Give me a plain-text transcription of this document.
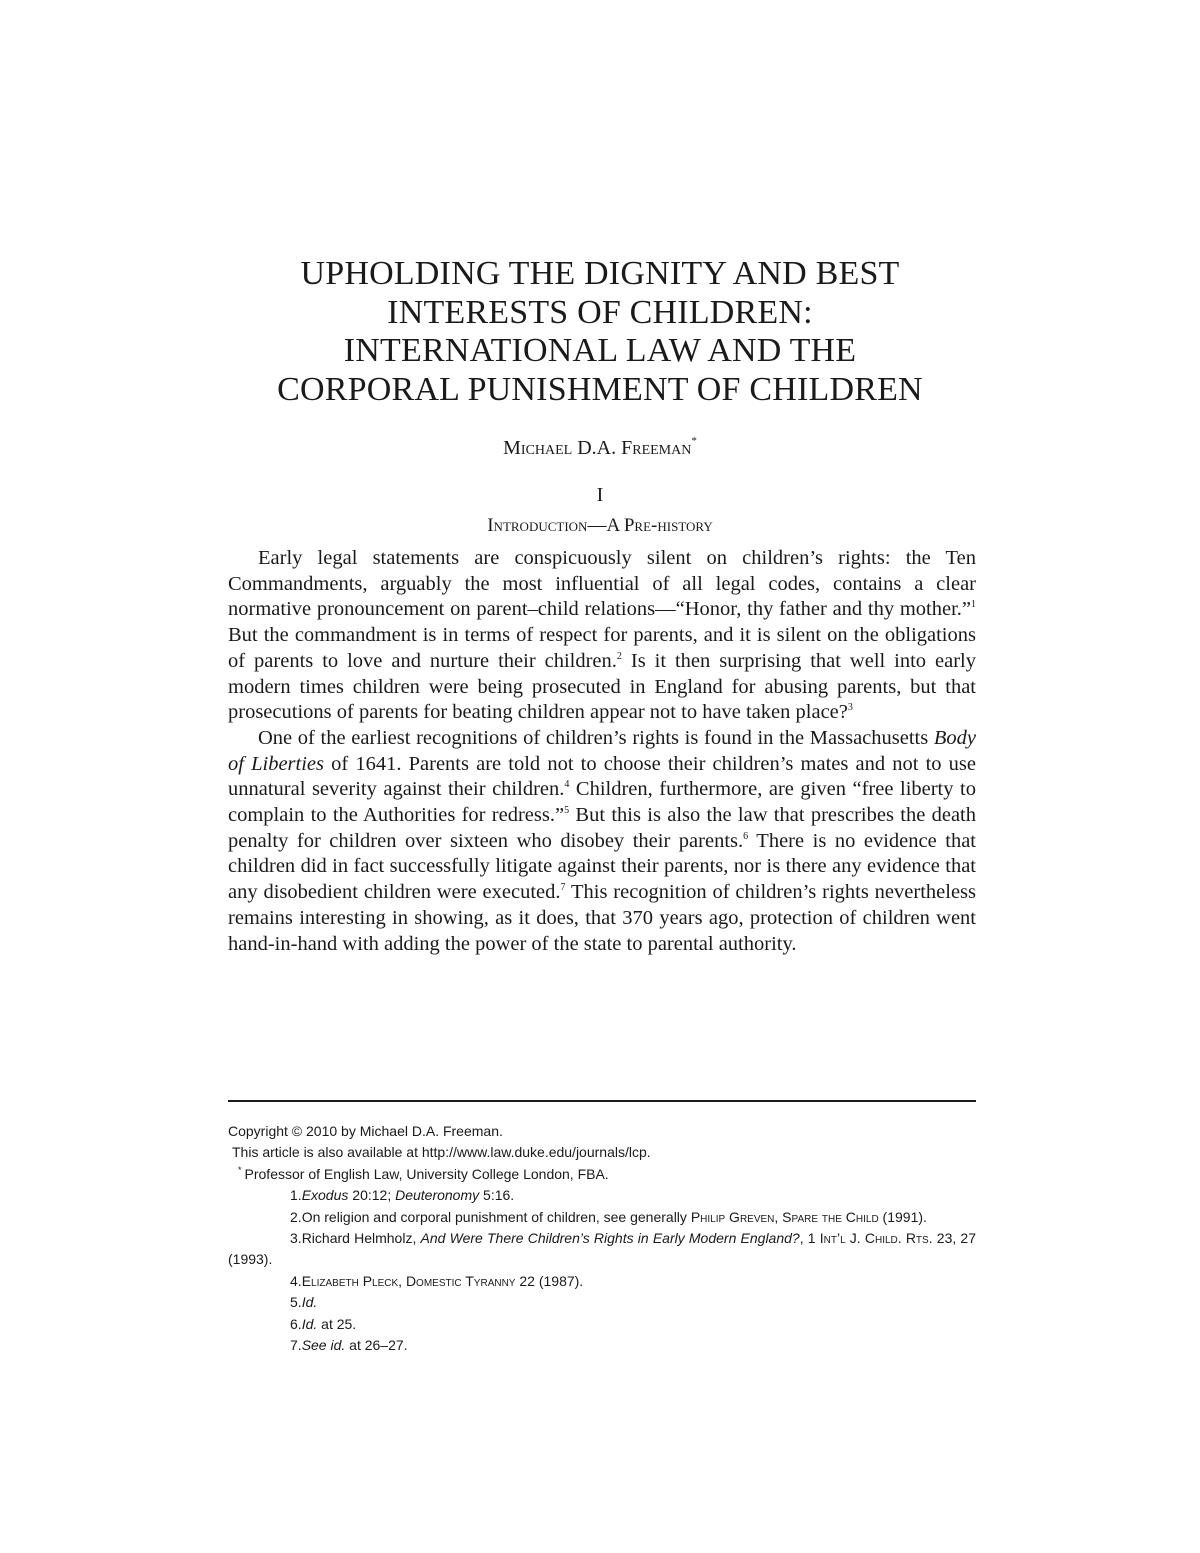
UPHOLDING THE DIGNITY AND BEST
INTERESTS OF CHILDREN:
INTERNATIONAL LAW AND THE
CORPORAL PUNISHMENT OF CHILDREN
Michael D.A. Freeman*
I
Introduction—A Pre-history

Early legal statements are conspicuously silent on children’s rights: the Ten Commandments, arguably the most influential of all legal codes, contains a clear normative pronouncement on parent–child relations—“Honor, thy father and thy mother.”$^1$ But the commandment is in terms of respect for parents, and it is silent on the obligations of parents to love and nurture their children.$^2$ Is it then surprising that well into early modern times children were being prosecuted in England for abusing parents, but that prosecutions of parents for beating children appear not to have taken place?$^3$

One of the earliest recognitions of children’s rights is found in the Massachusetts Body of Liberties of 1641. Parents are told not to choose their children’s mates and not to use unnatural severity against their children.$^4$ Children, furthermore, are given “free liberty to complain to the Authorities for redress.”$^5$ But this is also the law that prescribes the death penalty for children over sixteen who disobey their parents.$^6$ There is no evidence that children did in fact successfully litigate against their parents, nor is there any evidence that any disobedient children were executed.$^7$ This recognition of children’s rights nevertheless remains interesting in showing, as it does, that 370 years ago, protection of children went hand-in-hand with adding the power of the state to parental authority.

Copyright © 2010 by Michael D.A. Freeman.

This article is also available at http://www.law.duke.edu/journals/lcp.

* Professor of English Law, University College London, FBA.

1.Exodus 20:12; Deuteronomy 5:16.

2.On religion and corporal punishment of children, see generally Philip Greven, Spare the Child (1991).

3.Richard Helmholz, And Were There Children’s Rights in Early Modern England?, 1 Int’l J. Child. Rts. 23, 27 (1993).

4.Elizabeth Pleck, Domestic Tyranny 22 (1987).

5.Id.

6.Id. at 25.

7.See id. at 26–27.
